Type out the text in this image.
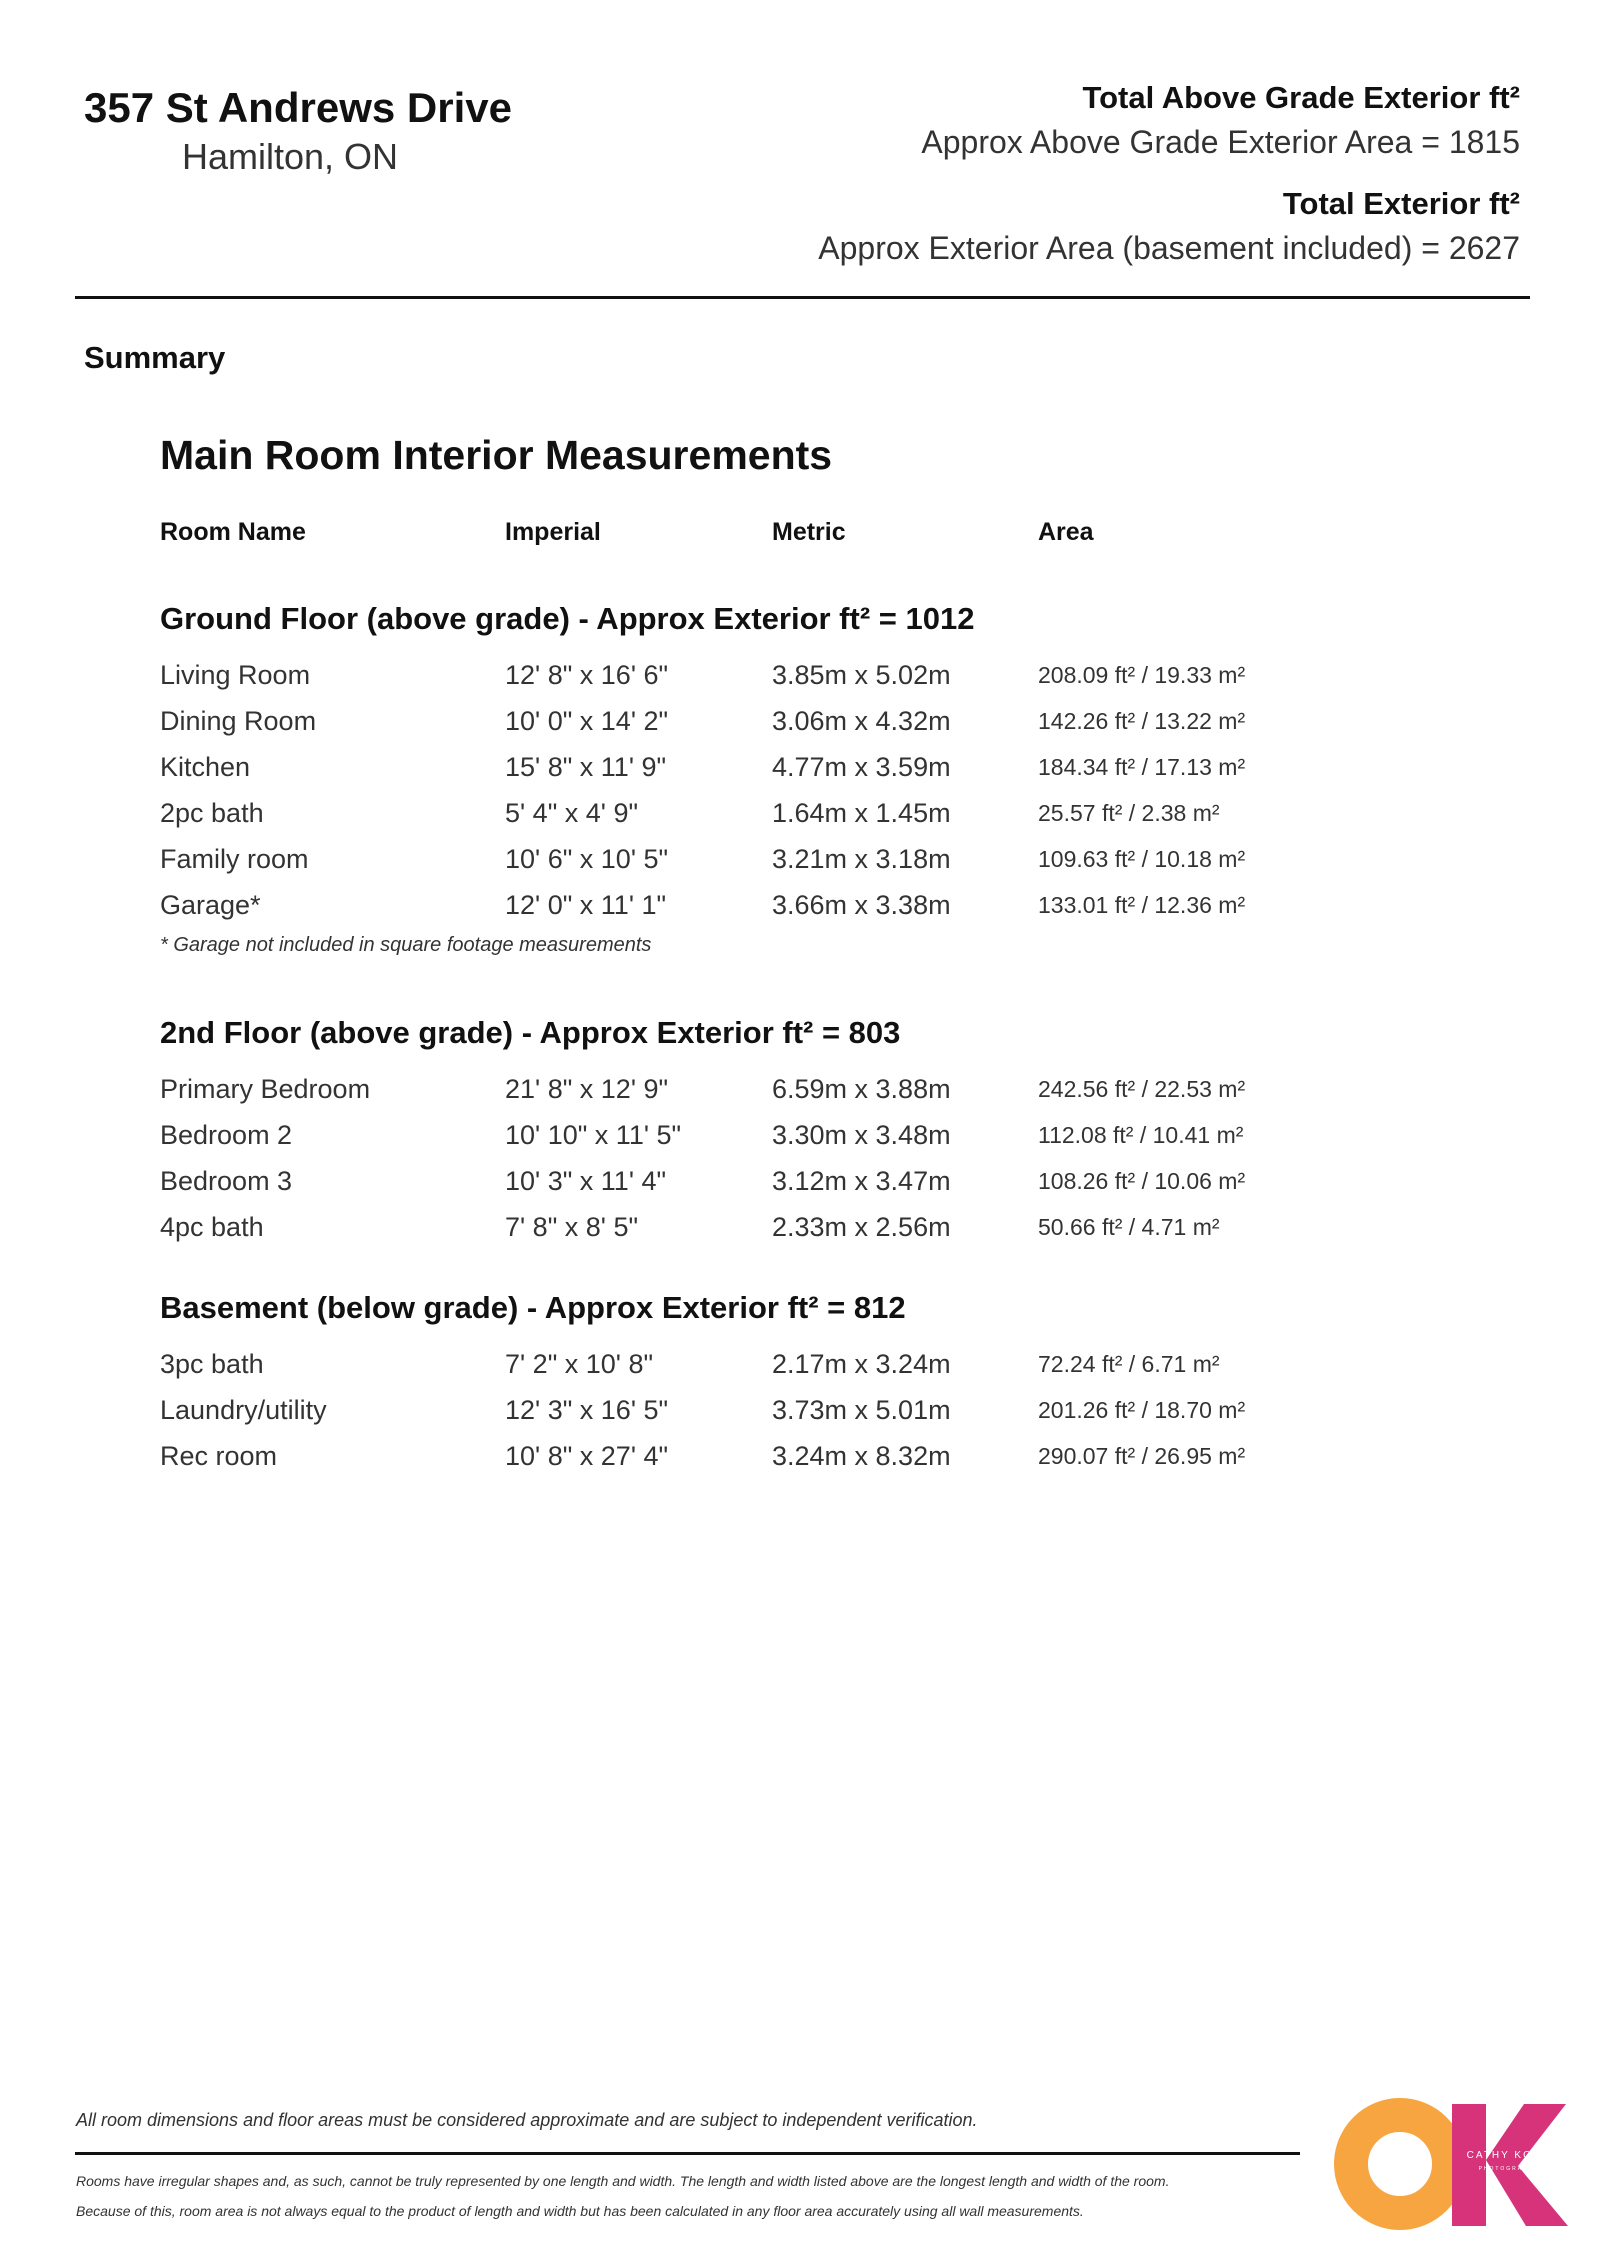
357 St Andrews Drive
Hamilton, ON
Total Above Grade Exterior ft²
Approx Above Grade Exterior Area = 1815
Total Exterior ft²
Approx Exterior Area (basement included) = 2627
Summary
Main Room Interior Measurements
Room Name	Imperial	Metric	Area
Ground Floor (above grade) - Approx Exterior ft² = 1012
Living Room	12' 8" x 16' 6"	3.85m x 5.02m	208.09 ft² / 19.33 m²
Dining Room	10' 0" x 14' 2"	3.06m x 4.32m	142.26 ft² / 13.22 m²
Kitchen	15' 8" x 11' 9"	4.77m x 3.59m	184.34 ft² / 17.13 m²
2pc bath	5' 4" x 4' 9"	1.64m x 1.45m	25.57 ft² / 2.38 m²
Family room	10' 6" x 10' 5"	3.21m x 3.18m	109.63 ft² / 10.18 m²
Garage*	12' 0" x 11' 1"	3.66m x 3.38m	133.01 ft² / 12.36 m²
* Garage not included in square footage measurements
2nd Floor (above grade) - Approx Exterior ft² = 803
Primary Bedroom	21' 8" x 12' 9"	6.59m x 3.88m	242.56 ft² / 22.53 m²
Bedroom 2	10' 10" x 11' 5"	3.30m x 3.48m	112.08 ft² / 10.41 m²
Bedroom 3	10' 3" x 11' 4"	3.12m x 3.47m	108.26 ft² / 10.06 m²
4pc bath	7' 8" x 8' 5"	2.33m x 2.56m	50.66 ft² / 4.71 m²
Basement (below grade) - Approx Exterior ft² = 812
3pc bath	7' 2" x 10' 8"	2.17m x 3.24m	72.24 ft² / 6.71 m²
Laundry/utility	12' 3" x 16' 5"	3.73m x 5.01m	201.26 ft² / 18.70 m²
Rec room	10' 8" x 27' 4"	3.24m x 8.32m	290.07 ft² / 26.95 m²
All room dimensions and floor areas must be considered approximate and are subject to independent verification.
Rooms have irregular shapes and, as such, cannot be truly represented by one length and width. The length and width listed above are the longest length and width of the room.
Because of this, room area is not always equal to the product of length and width but has been calculated in any floor area accurately using all wall measurements.
CATHY KOOP
PHOTOGRAPHY
